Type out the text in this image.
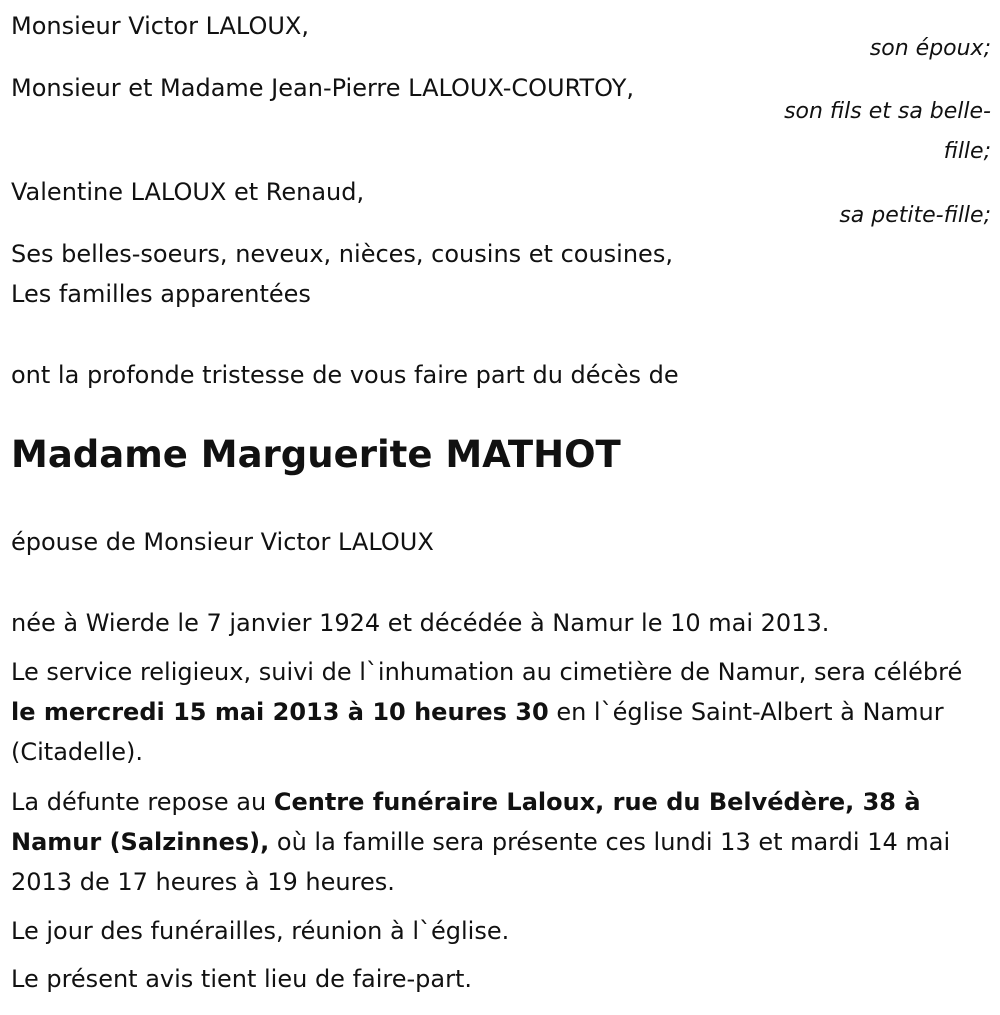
Monsieur Victor LALOUX,
son époux;
Monsieur et Madame Jean-Pierre LALOUX-COURTOY,
son fils et sa belle-
fille;
Valentine LALOUX et Renaud,
sa petite-fille;
Ses belles-soeurs, neveux, nièces, cousins et cousines,
Les familles apparentées
ont la profonde tristesse de vous faire part du décès de
Madame Marguerite MATHOT
épouse de Monsieur Victor LALOUX
née à Wierde le 7 janvier 1924 et décédée à Namur le 10 mai 2013.
Le service religieux, suivi de l`inhumation au cimetière de Namur, sera célébré le mercredi 15 mai 2013 à 10 heures 30 en l`église Saint-Albert à Namur (Citadelle).
La défunte repose au Centre funéraire Laloux, rue du Belvédère, 38 à Namur (Salzinnes), où la famille sera présente ces lundi 13 et mardi 14 mai 2013 de 17 heures à 19 heures.
Le jour des funérailles, réunion à l`église.
Le présent avis tient lieu de faire-part.
